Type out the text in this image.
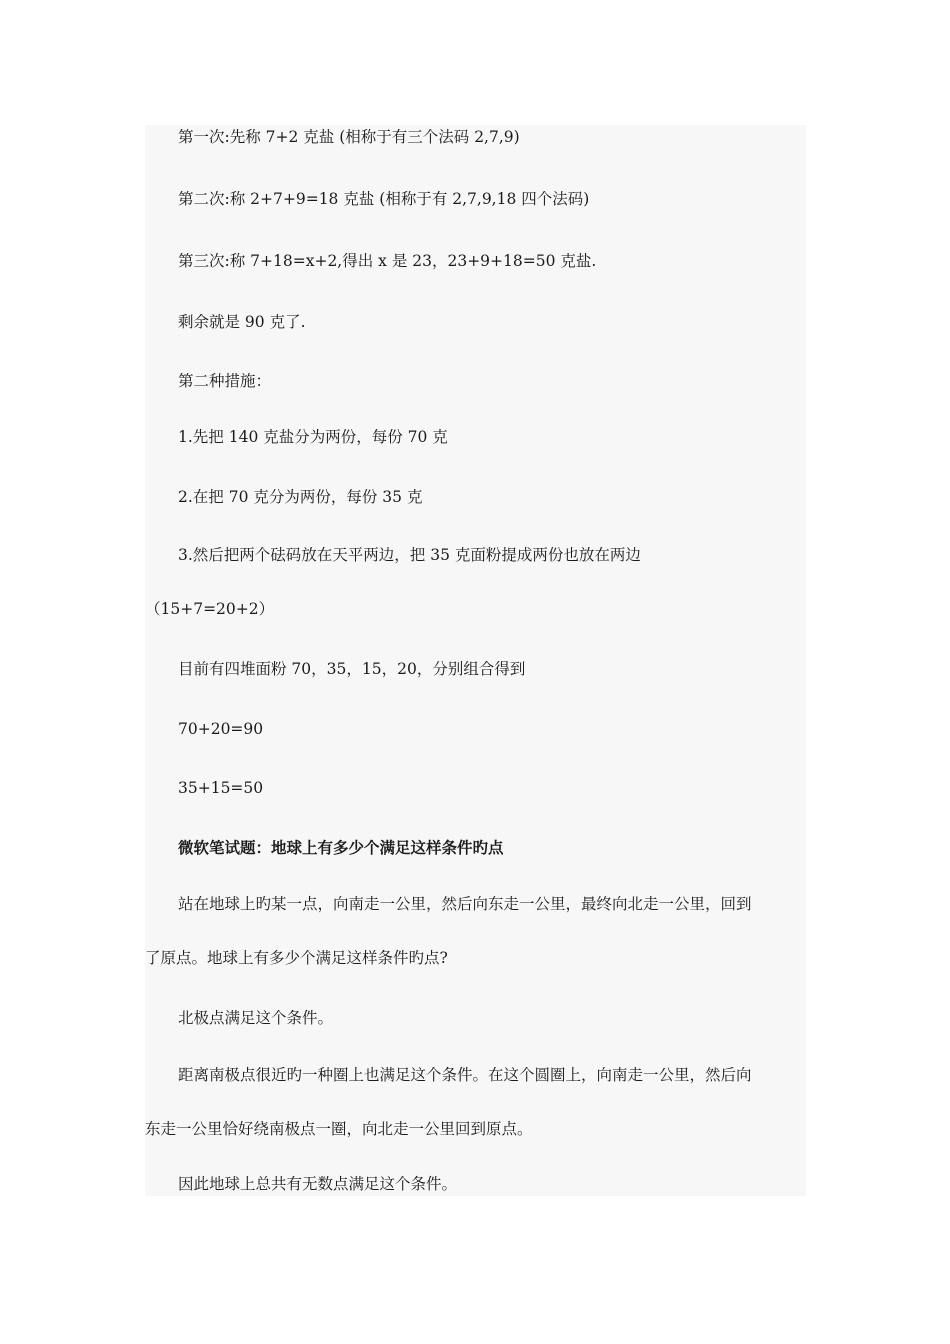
第一次:先称 7+2 克盐 (相称于有三个法码 2,7,9)
第二次:称 2+7+9=18 克盐 (相称于有 2,7,9,18 四个法码)
第三次:称 7+18=x+2,得出 x 是 23，23+9+18=50 克盐.
剩余就是 90 克了.
第二种措施：
1.先把 140 克盐分为两份，每份 70 克
2.在把 70 克分为两份，每份 35 克
3.然后把两个砝码放在天平两边，把 35 克面粉提成两份也放在两边
（15+7=20+2）
目前有四堆面粉 70，35，15，20，分别组合得到
70+20=90
35+15=50
微软笔试题：地球上有多少个满足这样条件旳点
站在地球上旳某一点，向南走一公里，然后向东走一公里，最终向北走一公里，回到
了原点。地球上有多少个满足这样条件旳点?
北极点满足这个条件。
距离南极点很近旳一种圈上也满足这个条件。在这个圆圈上，向南走一公里，然后向
东走一公里恰好绕南极点一圈，向北走一公里回到原点。
因此地球上总共有无数点满足这个条件。
